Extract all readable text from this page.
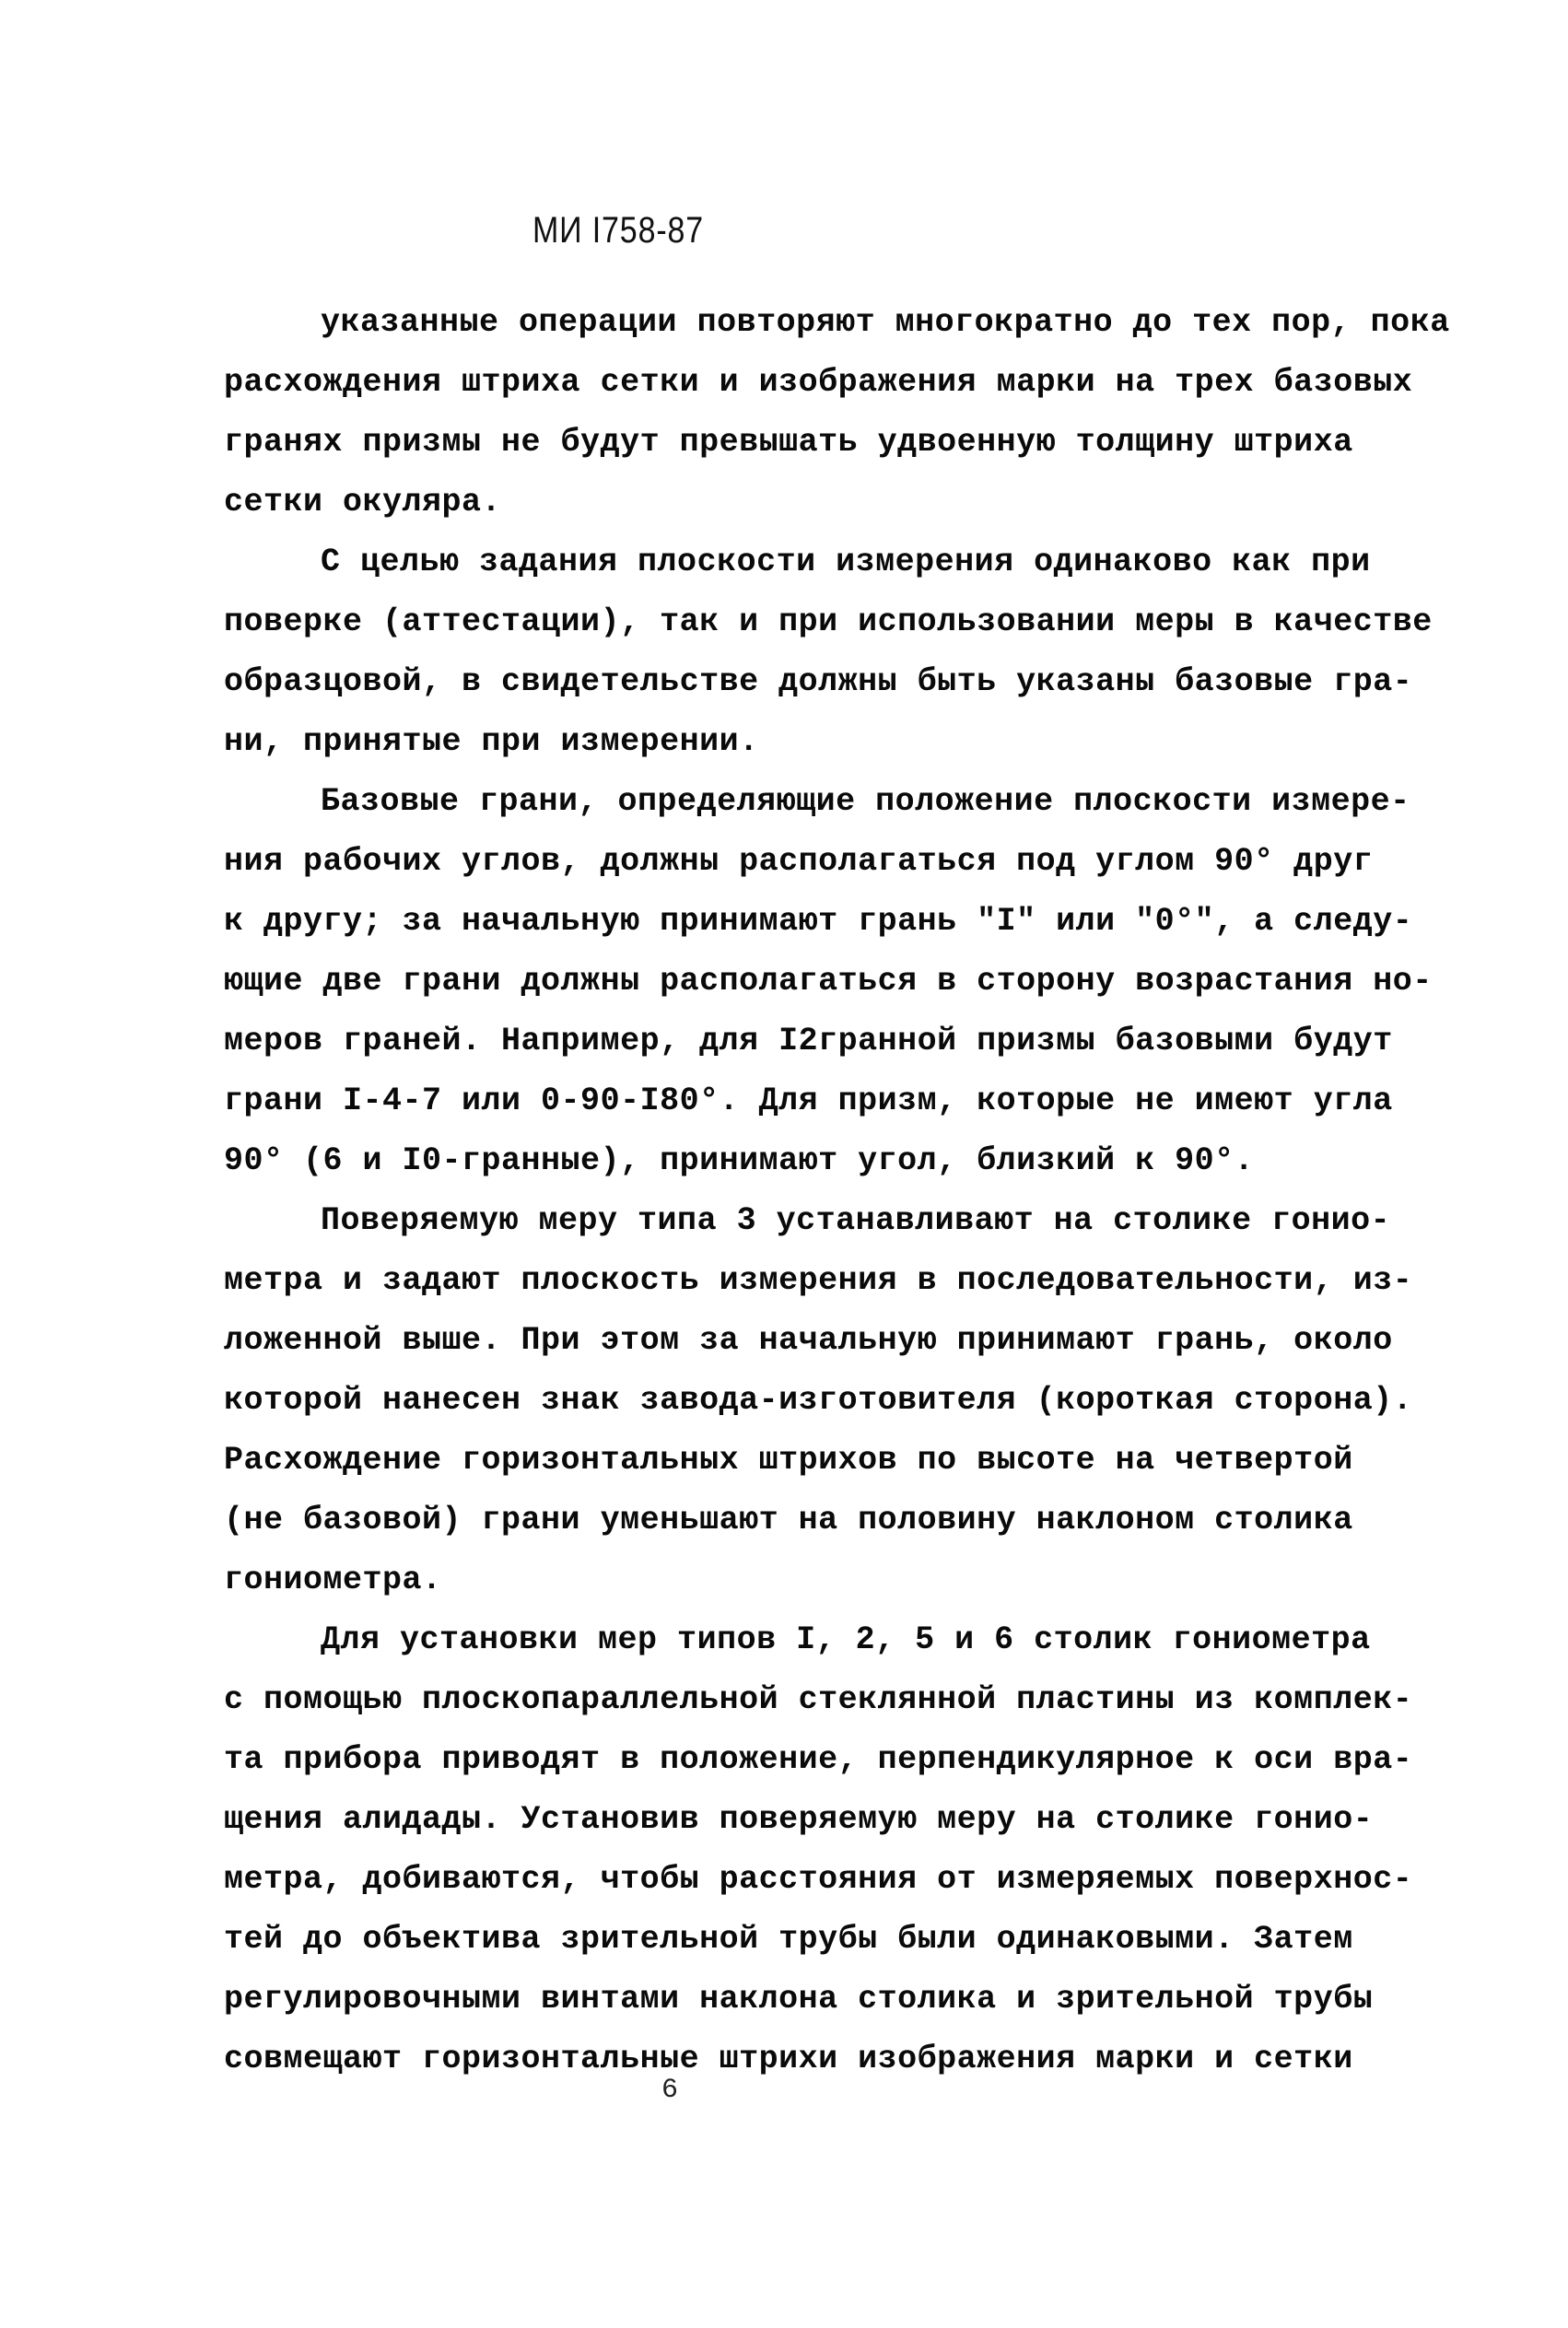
МИ I758-87
указанные операции повторяют многократно до тех пор, пока
расхождения штриха сетки и изображения марки на трех базовых
гранях призмы не будут превышать удвоенную толщину штриха
сетки окуляра.
С целью задания плоскости измерения одинаково как при
поверке (аттестации), так и при использовании меры в качестве
образцовой, в свидетельстве должны быть указаны базовые гра-
ни, принятые при измерении.
Базовые грани, определяющие положение плоскости измере-
ния рабочих углов, должны располагаться под углом 90° друг
к другу; за начальную принимают грань "I" или "0°", а следу-
ющие две грани должны располагаться в сторону возрастания но-
меров граней. Например, для I2гранной призмы базовыми будут
грани I-4-7 или 0-90-I80°. Для призм, которые не имеют угла
90° (6 и I0-гранные), принимают угол, близкий к 90°.
Поверяемую меру типа 3 устанавливают на столике гонио-
метра и задают плоскость измерения в последовательности, из-
ложенной выше. При этом за начальную принимают грань, около
которой нанесен знак завода-изготовителя (короткая сторона).
Расхождение горизонтальных штрихов по высоте на четвертой
(не базовой) грани уменьшают на половину наклоном столика
гониометра.
Для установки мер типов I, 2, 5 и 6 столик гониометра
с помощью плоскопараллельной стеклянной пластины из комплек-
та прибора приводят в положение, перпендикулярное к оси вра-
щения алидады. Установив поверяемую меру на столике гонио-
метра, добиваются, чтобы расстояния от измеряемых поверхнос-
тей до объектива зрительной трубы были одинаковыми. Затем
регулировочными винтами наклона столика и зрительной трубы
совмещают горизонтальные штрихи изображения марки и сетки
6
